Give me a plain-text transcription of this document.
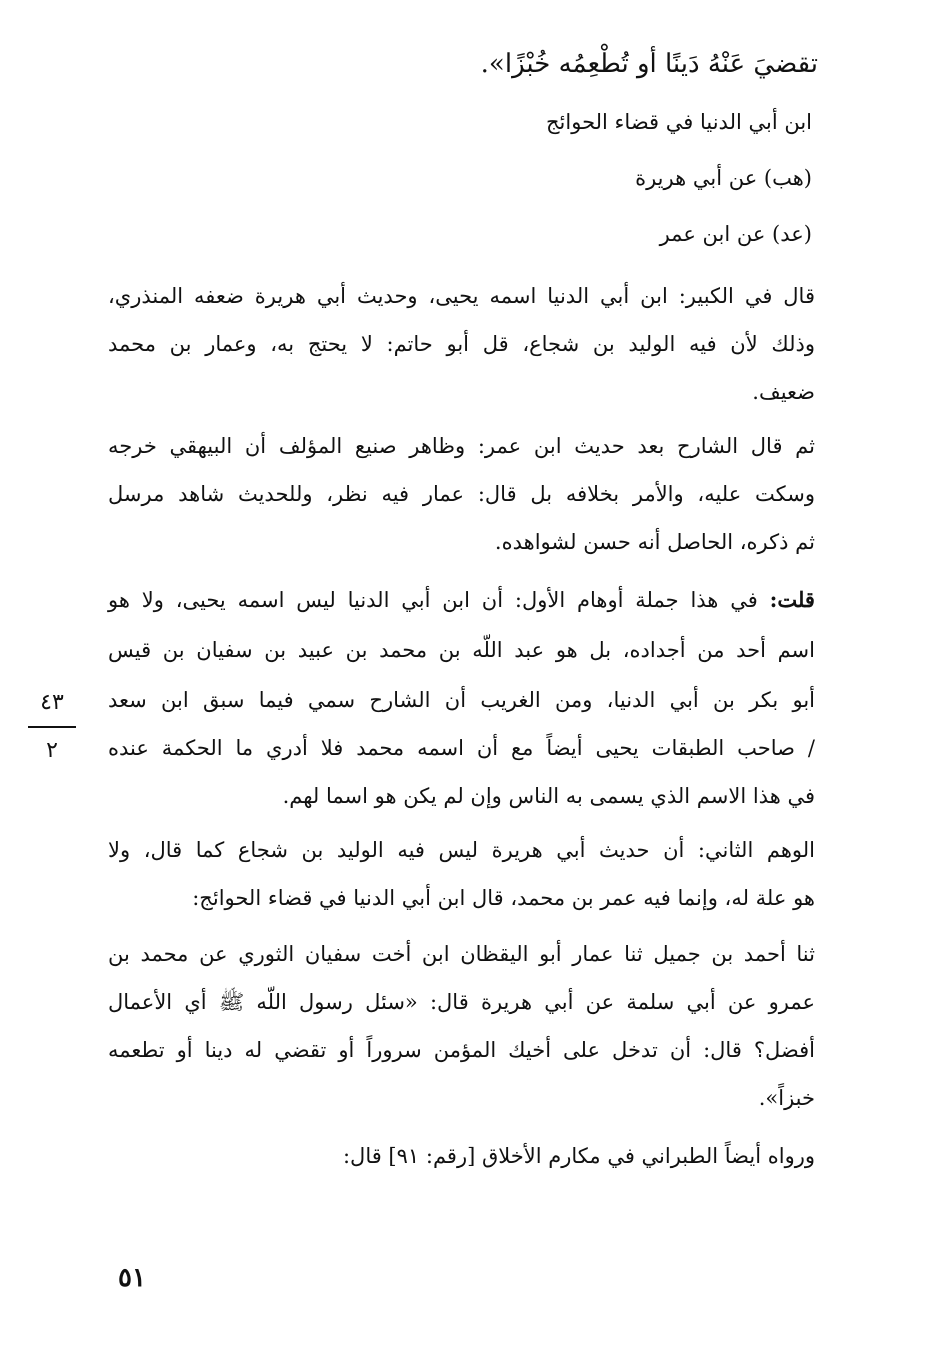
تقضيَ عَنْهُ دَينًا أو تُطْعِمُه خُبْزًا».
ابن أبي الدنيا في قضاء الحوائج
(هب) عن أبي هريرة
(عد) عن ابن عمر
قال في الكبير: ابن أبي الدنيا اسمه يحيى، وحديث أبي هريرة ضعفه المنذري،
وذلك لأن فيه الوليد بن شجاع، قل أبو حاتم: لا يحتج به، وعمار بن محمد
ضعيف.
ثم قال الشارح بعد حديث ابن عمر: وظاهر صنيع المؤلف أن البيهقي خرجه
وسكت عليه، والأمر بخلافه بل قال: عمار فيه نظر، وللحديث شاهد مرسل
ثم ذكره، الحاصل أنه حسن لشواهده.
قلت: في هذا جملة أوهام الأول: أن ابن أبي الدنيا ليس اسمه يحيى، ولا هو
اسم أحد من أجداده، بل هو عبد اللّه بن محمد بن عبيد بن سفيان بن قيس
أبو بكر بن أبي الدنيا، ومن الغريب أن الشارح سمي فيما سبق ابن سعد
/ صاحب الطبقات يحيى أيضاً مع أن اسمه محمد فلا أدري ما الحكمة عنده
في هذا الاسم الذي يسمى به الناس وإن لم يكن هو اسما لهم.
الوهم الثاني: أن حديث أبي هريرة ليس فيه الوليد بن شجاع كما قال، ولا
هو علة له، وإنما فيه عمر بن محمد، قال ابن أبي الدنيا في قضاء الحوائج:
ثنا أحمد بن جميل ثنا عمار أبو اليقظان ابن أخت سفيان الثوري عن محمد بن
عمرو عن أبي سلمة عن أبي هريرة قال: «سئل رسول اللّه ﷺ أي الأعمال
أفضل؟ قال: أن تدخل على أخيك المؤمن سروراً أو تقضي له دينا أو تطعمه
خبزاً».
ورواه أيضاً الطبراني في مكارم الأخلاق [رقم: ٩١] قال:
٤٣
٢
٥١
